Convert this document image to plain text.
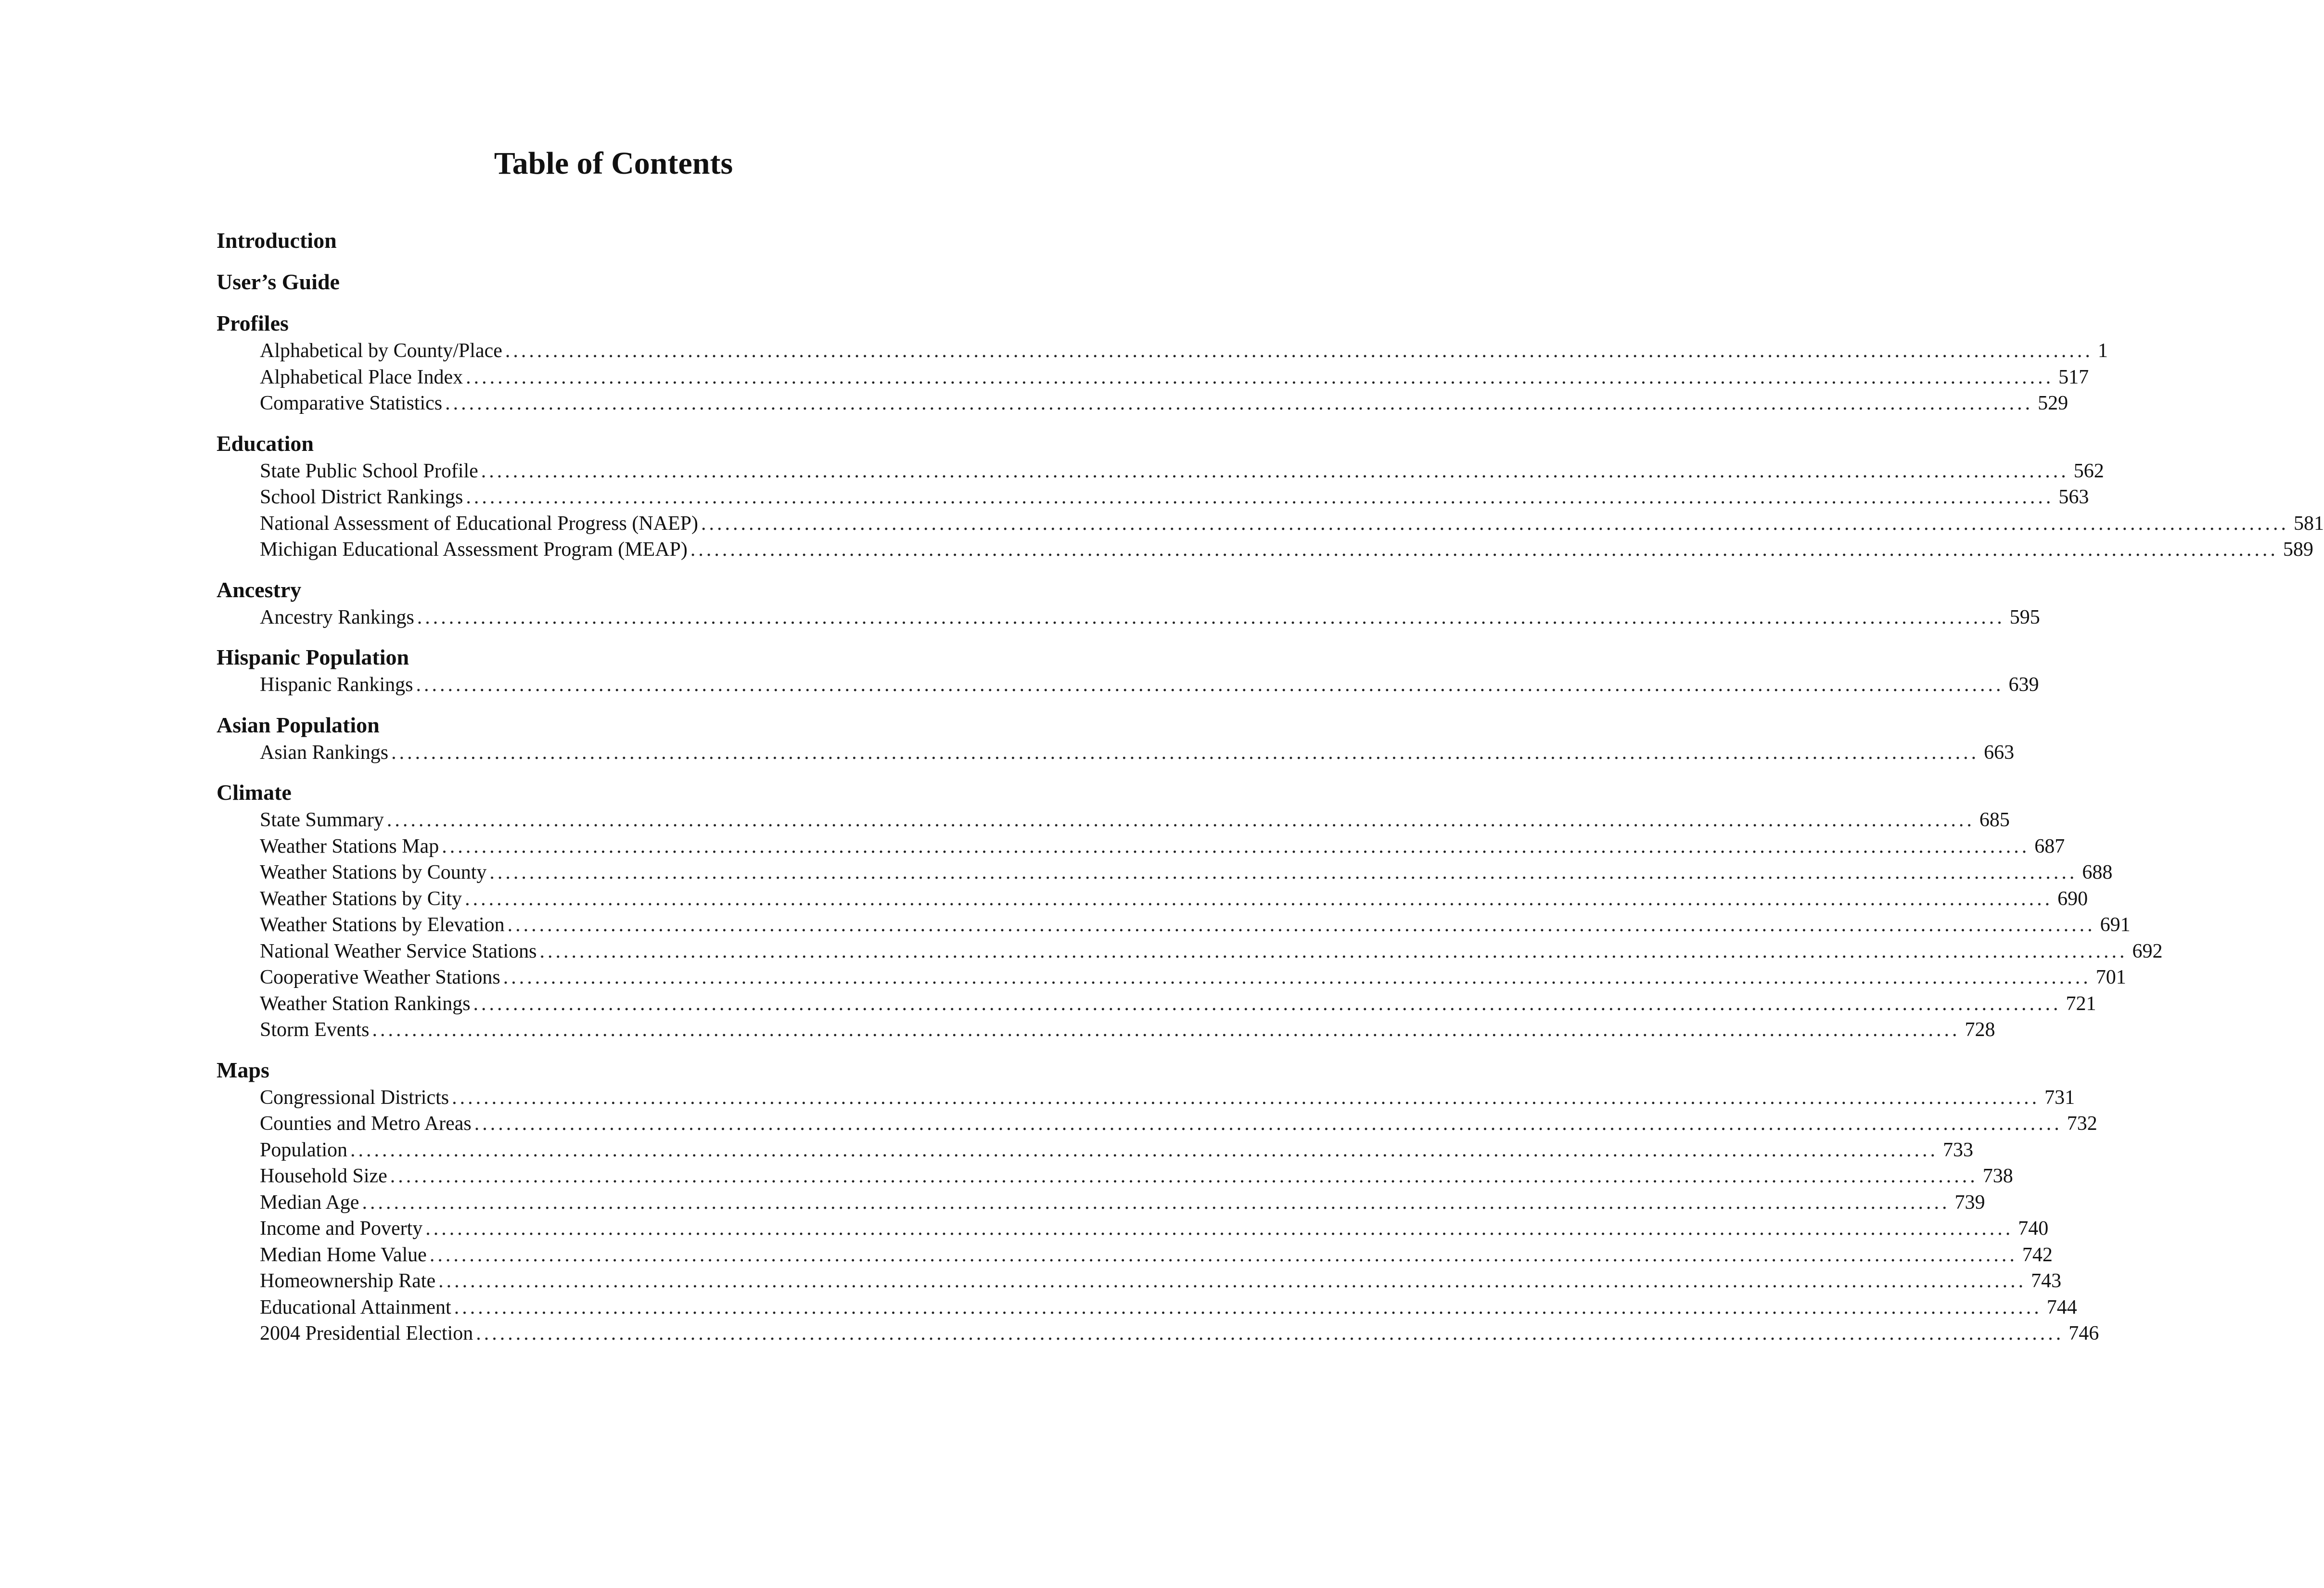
Table of Contents
Introduction
User’s Guide
Profiles
Alphabetical by County/Place ........................................................................................................................................................................................................ 1
Alphabetical Place Index ........................................................................................................................................................................................................ 517
Comparative Statistics ........................................................................................................................................................................................................ 529
Education
State Public School Profile ........................................................................................................................................................................................................ 562
School District Rankings ........................................................................................................................................................................................................ 563
National Assessment of Educational Progress (NAEP) ........................................................................................................................................................................................................ 581
Michigan Educational Assessment Program (MEAP) ........................................................................................................................................................................................................ 589
Ancestry
Ancestry Rankings ........................................................................................................................................................................................................ 595
Hispanic Population
Hispanic Rankings ........................................................................................................................................................................................................ 639
Asian Population
Asian Rankings ........................................................................................................................................................................................................ 663
Climate
State Summary ........................................................................................................................................................................................................ 685
Weather Stations Map ........................................................................................................................................................................................................ 687
Weather Stations by County ........................................................................................................................................................................................................ 688
Weather Stations by City ........................................................................................................................................................................................................ 690
Weather Stations by Elevation ........................................................................................................................................................................................................ 691
National Weather Service Stations ........................................................................................................................................................................................................ 692
Cooperative Weather Stations ........................................................................................................................................................................................................ 701
Weather Station Rankings ........................................................................................................................................................................................................ 721
Storm Events ........................................................................................................................................................................................................ 728
Maps
Congressional Districts ........................................................................................................................................................................................................ 731
Counties and Metro Areas ........................................................................................................................................................................................................ 732
Population ........................................................................................................................................................................................................ 733
Household Size ........................................................................................................................................................................................................ 738
Median Age ........................................................................................................................................................................................................ 739
Income and Poverty ........................................................................................................................................................................................................ 740
Median Home Value ........................................................................................................................................................................................................ 742
Homeownership Rate ........................................................................................................................................................................................................ 743
Educational Attainment ........................................................................................................................................................................................................ 744
2004 Presidential Election ........................................................................................................................................................................................................ 746
